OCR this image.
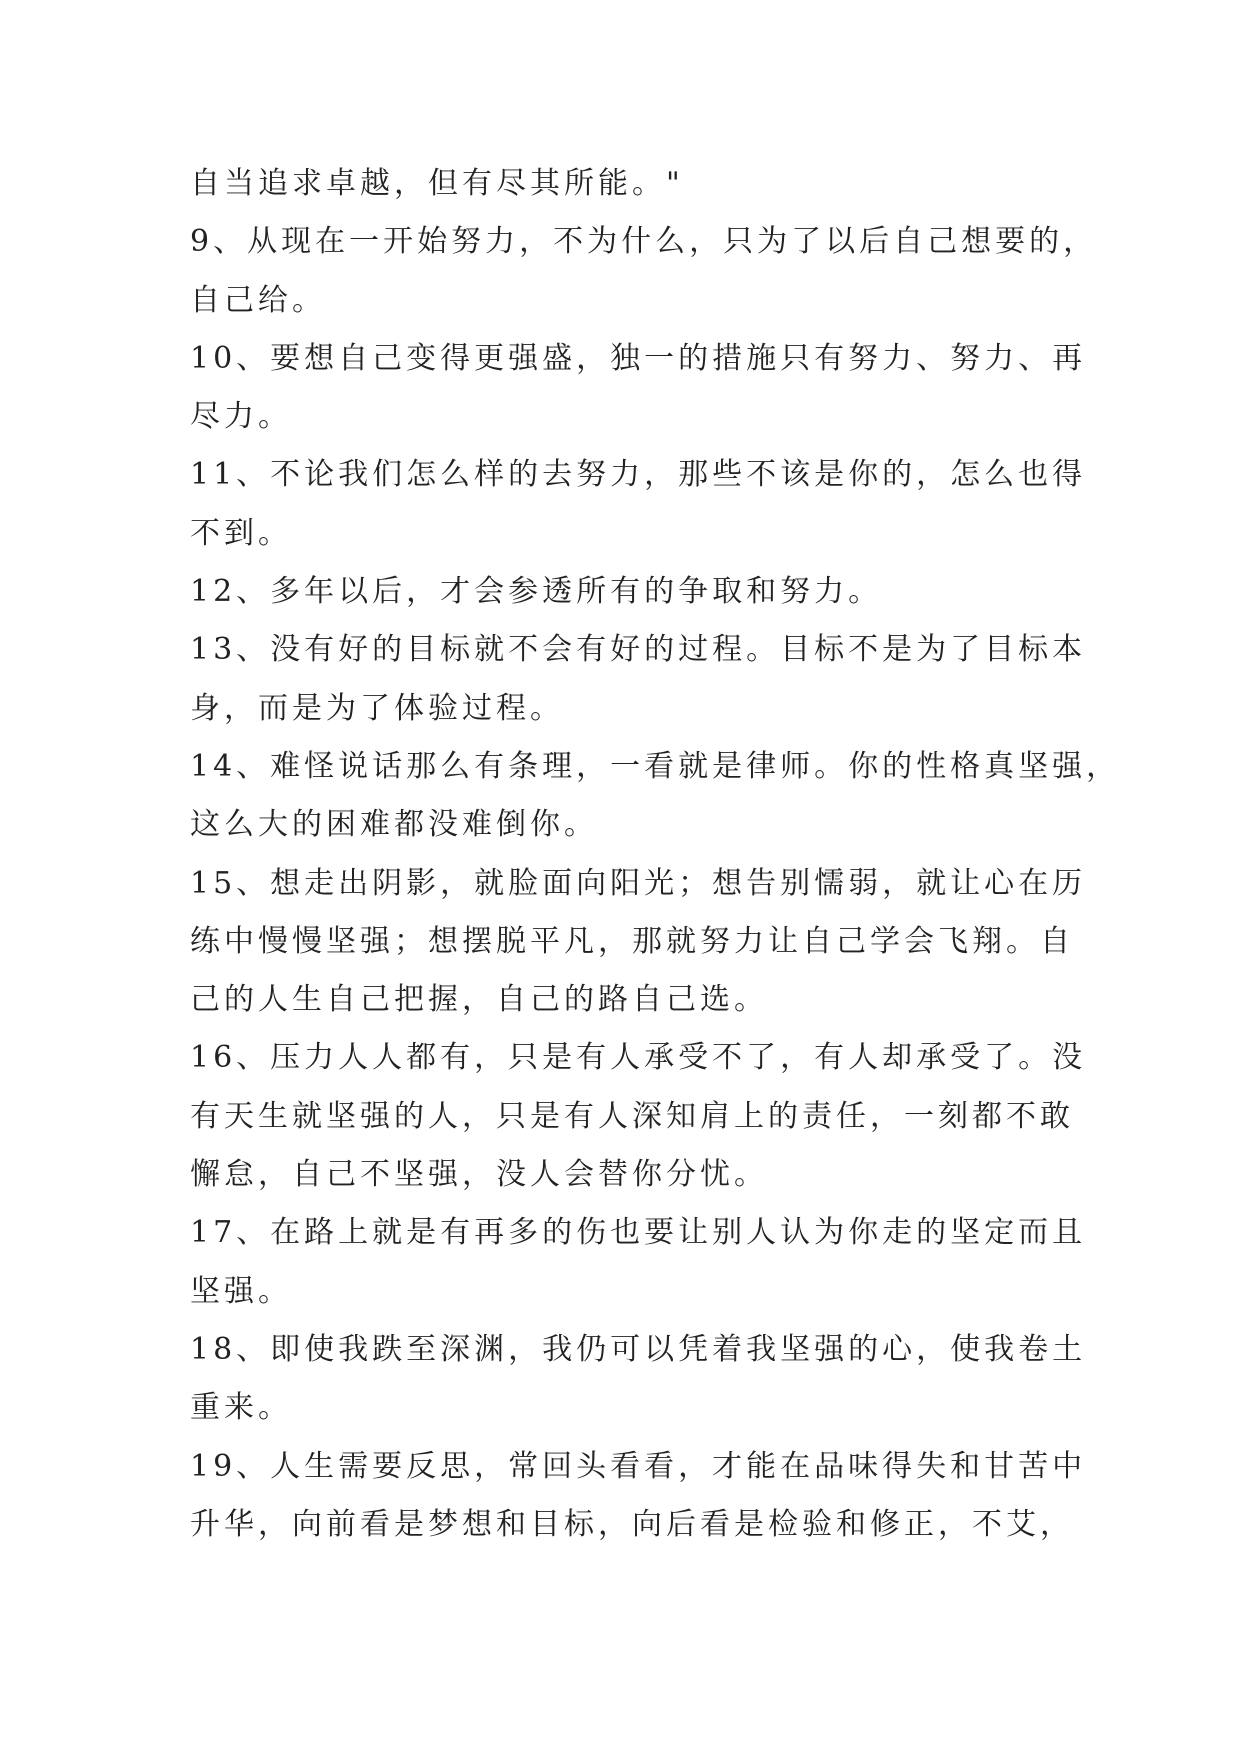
自当追求卓越，但有尽其所能。"
9、从现在一开始努力，不为什么，只为了以后自己想要的，
自己给。
10、要想自己变得更强盛，独一的措施只有努力、努力、再
尽力。
11、不论我们怎么样的去努力，那些不该是你的，怎么也得
不到。
12、多年以后，才会参透所有的争取和努力。
13、没有好的目标就不会有好的过程。目标不是为了目标本
身，而是为了体验过程。
14、难怪说话那么有条理，一看就是律师。你的性格真坚强，
这么大的困难都没难倒你。
15、想走出阴影，就脸面向阳光；想告别懦弱，就让心在历
练中慢慢坚强；想摆脱平凡，那就努力让自己学会飞翔。自
己的人生自己把握，自己的路自己选。
16、压力人人都有，只是有人承受不了，有人却承受了。没
有天生就坚强的人，只是有人深知肩上的责任，一刻都不敢
懈怠，自己不坚强，没人会替你分忧。
17、在路上就是有再多的伤也要让别人认为你走的坚定而且
坚强。
18、即使我跌至深渊，我仍可以凭着我坚强的心，使我卷土
重来。
19、人生需要反思，常回头看看，才能在品味得失和甘苦中
升华，向前看是梦想和目标，向后看是检验和修正，不艾，
